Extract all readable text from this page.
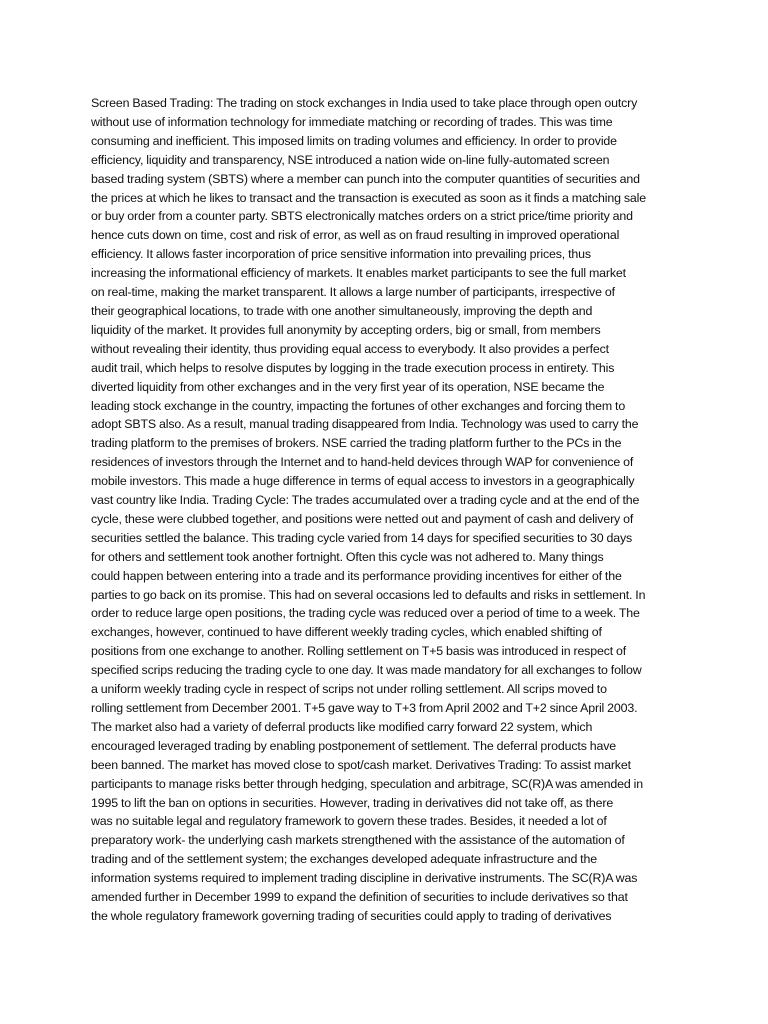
Screen Based Trading: The trading on stock exchanges in India used to take place through open outcry
without use of information technology for immediate matching or recording of trades. This was time
consuming and inefficient. This imposed limits on trading volumes and efficiency. In order to provide
efficiency, liquidity and transparency, NSE introduced a nation wide on-line fully-automated screen
based trading system (SBTS) where a member can punch into the computer quantities of securities and
the prices at which he likes to transact and the transaction is executed as soon as it finds a matching sale
or buy order from a counter party. SBTS electronically matches orders on a strict price/time priority and
hence cuts down on time, cost and risk of error, as well as on fraud resulting in improved operational
efficiency. It allows faster incorporation of price sensitive information into prevailing prices, thus
increasing the informational efficiency of markets. It enables market participants to see the full market
on real-time, making the market transparent. It allows a large number of participants, irrespective of
their geographical locations, to trade with one another simultaneously, improving the depth and
liquidity of the market. It provides full anonymity by accepting orders, big or small, from members
without revealing their identity, thus providing equal access to everybody. It also provides a perfect
audit trail, which helps to resolve disputes by logging in the trade execution process in entirety. This
diverted liquidity from other exchanges and in the very first year of its operation, NSE became the
leading stock exchange in the country, impacting the fortunes of other exchanges and forcing them to
adopt SBTS also. As a result, manual trading disappeared from India. Technology was used to carry the
trading platform to the premises of brokers. NSE carried the trading platform further to the PCs in the
residences of investors through the Internet and to hand-held devices through WAP for convenience of
mobile investors. This made a huge difference in terms of equal access to investors in a geographically
vast country like India. Trading Cycle: The trades accumulated over a trading cycle and at the end of the
cycle, these were clubbed together, and positions were netted out and payment of cash and delivery of
securities settled the balance. This trading cycle varied from 14 days for specified securities to 30 days
for others and settlement took another fortnight. Often this cycle was not adhered to. Many things
could happen between entering into a trade and its performance providing incentives for either of the
parties to go back on its promise. This had on several occasions led to defaults and risks in settlement. In
order to reduce large open positions, the trading cycle was reduced over a period of time to a week. The
exchanges, however, continued to have different weekly trading cycles, which enabled shifting of
positions from one exchange to another. Rolling settlement on T+5 basis was introduced in respect of
specified scrips reducing the trading cycle to one day. It was made mandatory for all exchanges to follow
a uniform weekly trading cycle in respect of scrips not under rolling settlement. All scrips moved to
rolling settlement from December 2001. T+5 gave way to T+3 from April 2002 and T+2 since April 2003.
The market also had a variety of deferral products like modified carry forward 22 system, which
encouraged leveraged trading by enabling postponement of settlement. The deferral products have
been banned. The market has moved close to spot/cash market. Derivatives Trading: To assist market
participants to manage risks better through hedging, speculation and arbitrage, SC(R)A was amended in
1995 to lift the ban on options in securities. However, trading in derivatives did not take off, as there
was no suitable legal and regulatory framework to govern these trades. Besides, it needed a lot of
preparatory work- the underlying cash markets strengthened with the assistance of the automation of
trading and of the settlement system; the exchanges developed adequate infrastructure and the
information systems required to implement trading discipline in derivative instruments. The SC(R)A was
amended further in December 1999 to expand the definition of securities to include derivatives so that
the whole regulatory framework governing trading of securities could apply to trading of derivatives
